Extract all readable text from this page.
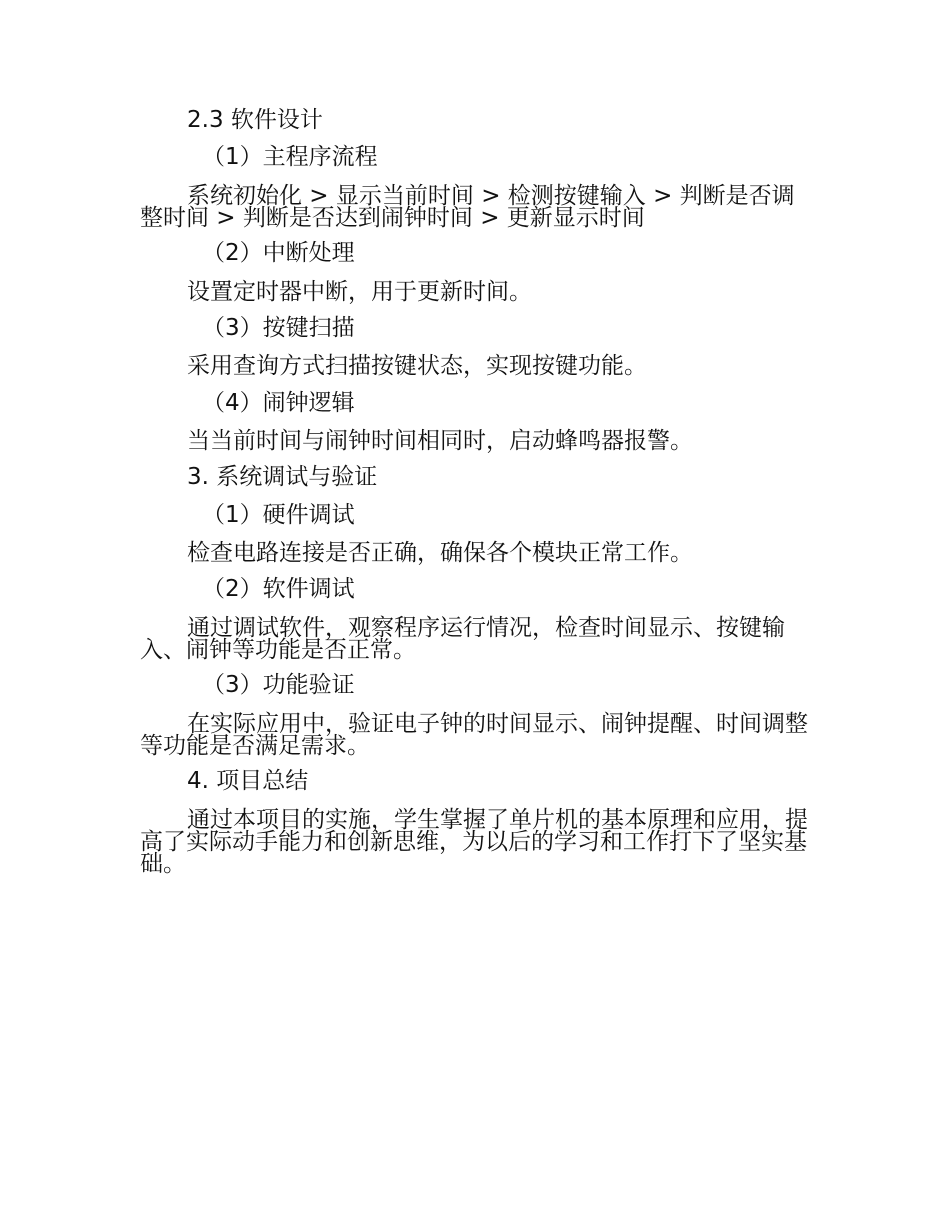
2.3 软件设计
（1）主程序流程
系统初始化 > 显示当前时间 > 检测按键输入 > 判断是否调整时间 > 判断是否达到闹钟时间 > 更新显示时间
（2）中断处理
设置定时器中断，用于更新时间。
（3）按键扫描
采用查询方式扫描按键状态，实现按键功能。
（4）闹钟逻辑
当当前时间与闹钟时间相同时，启动蜂鸣器报警。
3. 系统调试与验证
（1）硬件调试
检查电路连接是否正确，确保各个模块正常工作。
（2）软件调试
通过调试软件，观察程序运行情况，检查时间显示、按键输入、闹钟等功能是否正常。
（3）功能验证
在实际应用中，验证电子钟的时间显示、闹钟提醒、时间调整等功能是否满足需求。
4. 项目总结
通过本项目的实施，学生掌握了单片机的基本原理和应用，提高了实际动手能力和创新思维，为以后的学习和工作打下了坚实基础。
